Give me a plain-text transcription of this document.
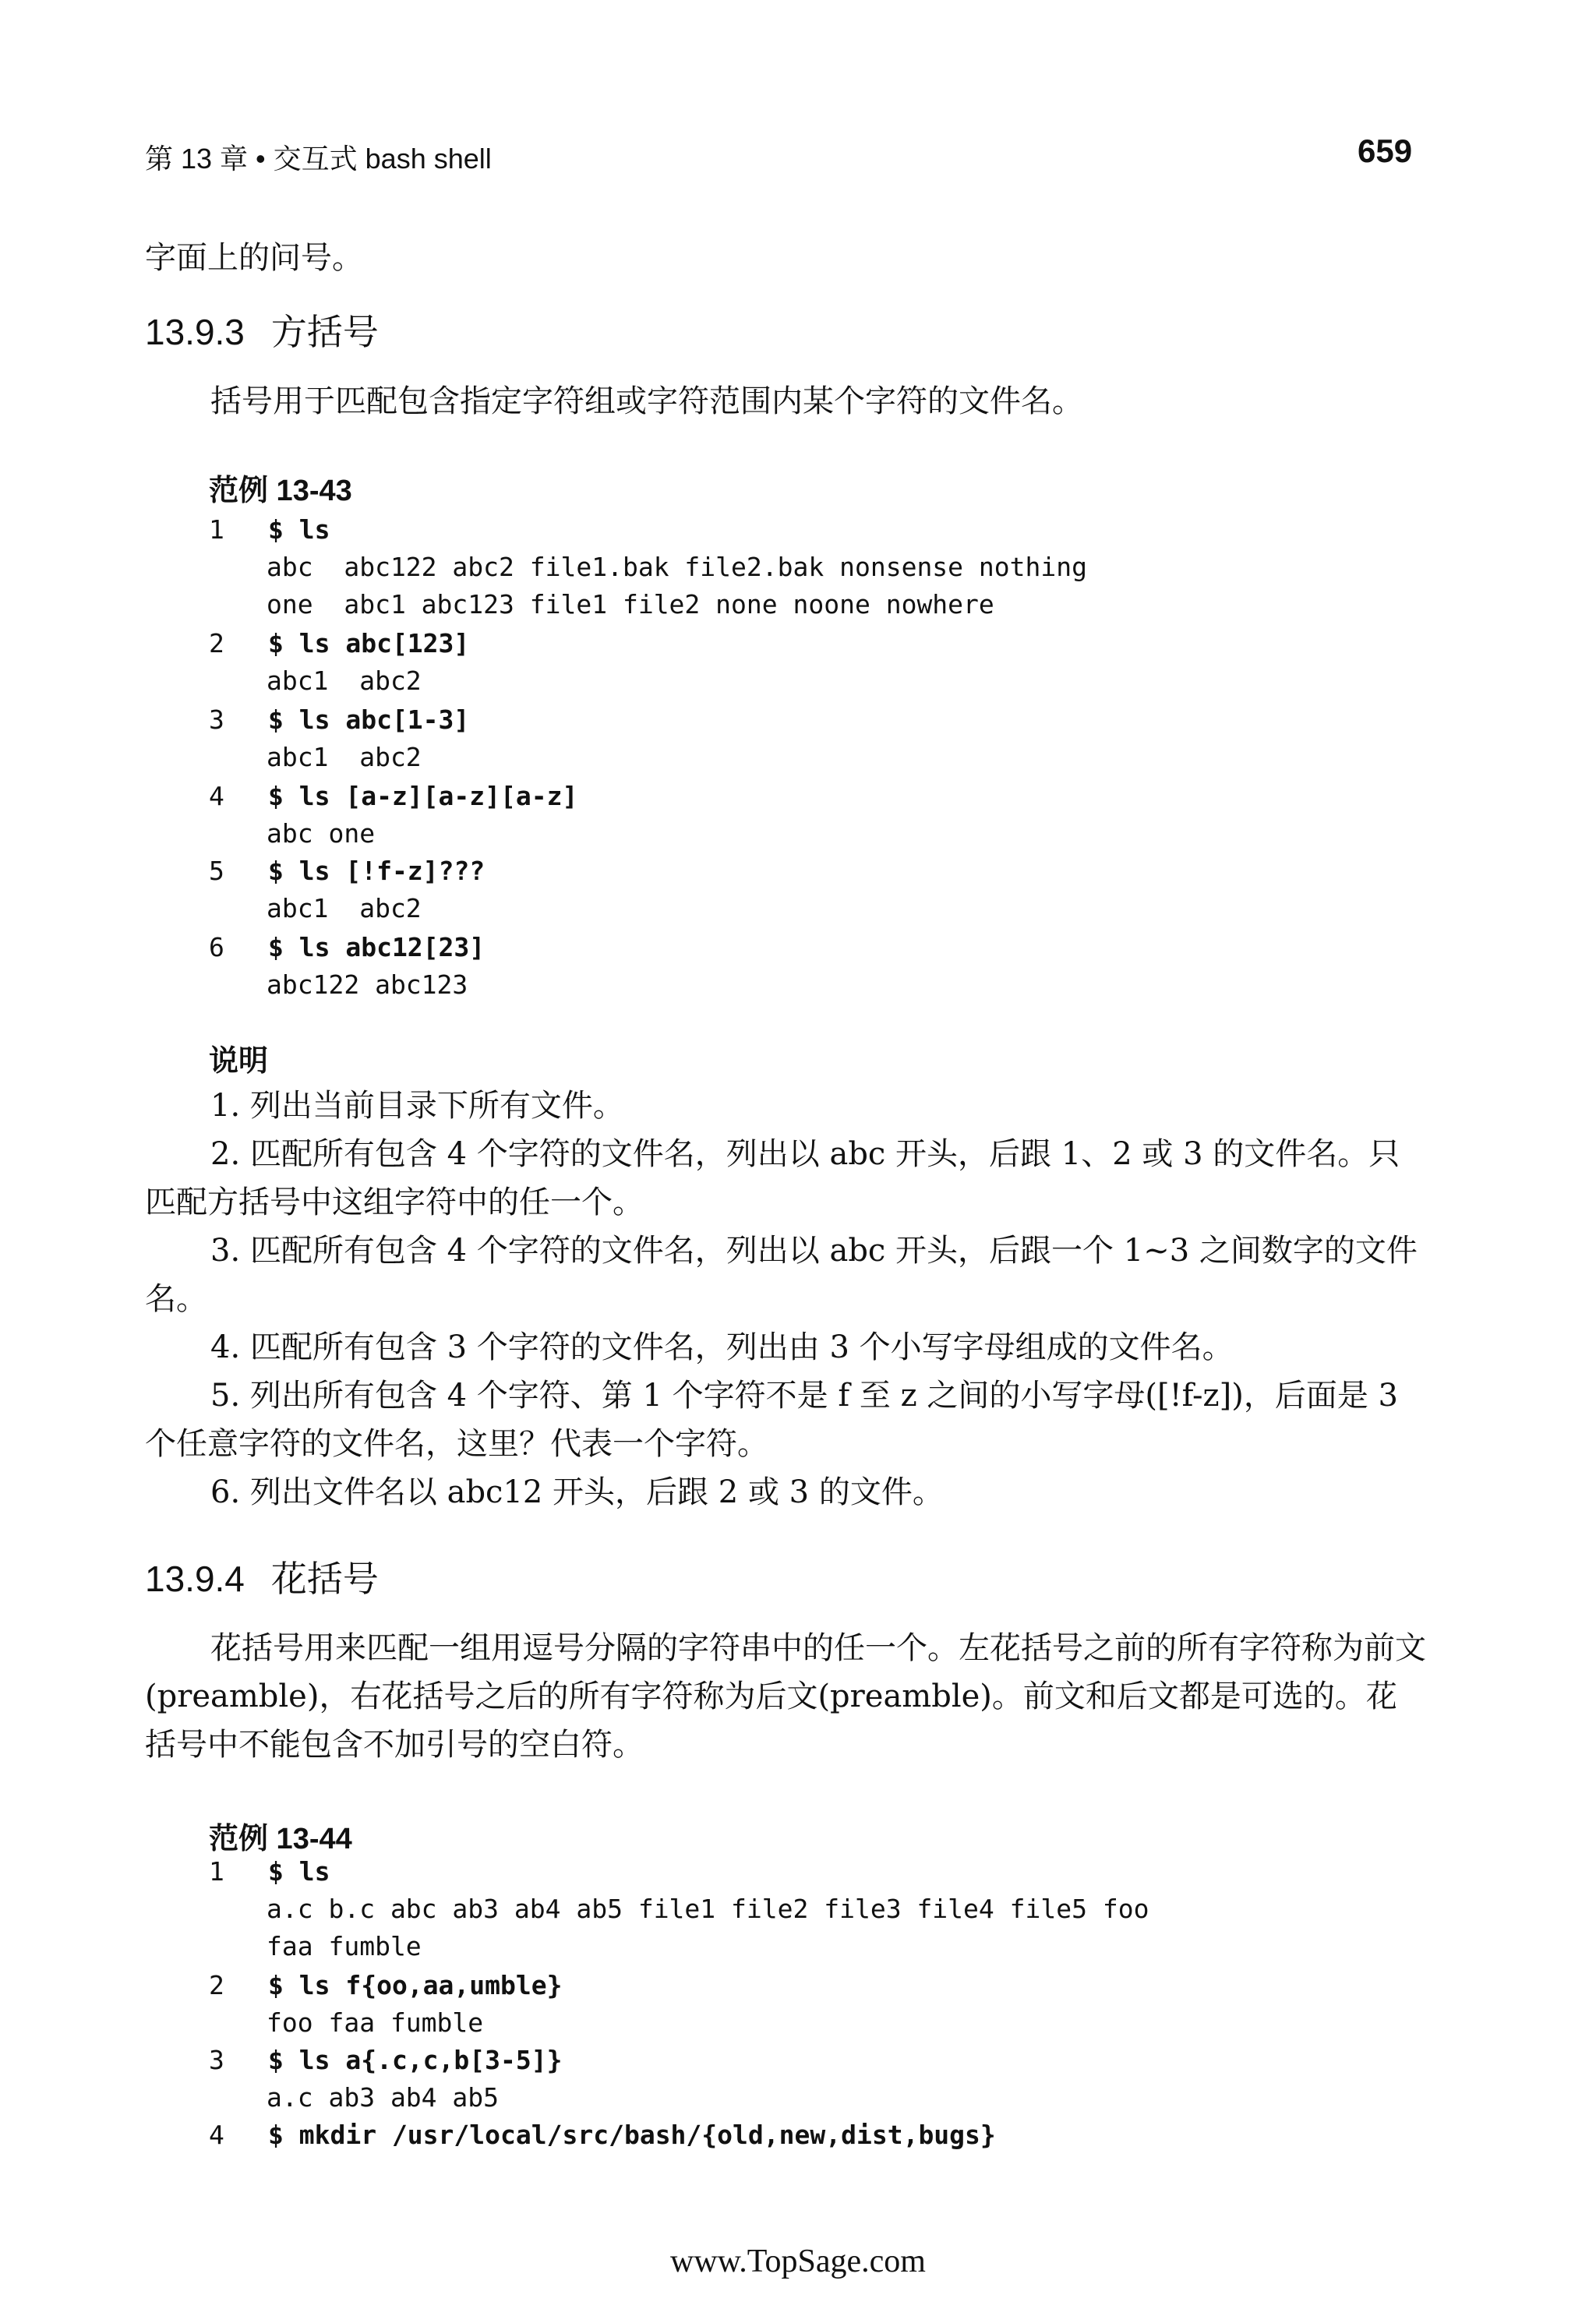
第 13 章 • 交互式 bash shell	659
字面上的问号。
13.9.3 方括号
括号用于匹配包含指定字符组或字符范围内某个字符的文件名。
范例 13-43
1 $ ls
abc  abc122 abc2 file1.bak file2.bak nonsense nothing
one  abc1 abc123 file1 file2 none noone nowhere
2 $ ls abc[123]
abc1  abc2
3 $ ls abc[1-3]
abc1  abc2
4 $ ls [a-z][a-z][a-z]
abc one
5 $ ls [!f-z]???
abc1  abc2
6 $ ls abc12[23]
abc122 abc123
说明
1. 列出当前目录下所有文件。
2. 匹配所有包含 4 个字符的文件名，列出以 abc 开头，后跟 1、2 或 3 的文件名。只匹配方括号中这组字符中的任一个。
3. 匹配所有包含 4 个字符的文件名，列出以 abc 开头，后跟一个 1~3 之间数字的文件名。
4. 匹配所有包含 3 个字符的文件名，列出由 3 个小写字母组成的文件名。
5. 列出所有包含 4 个字符、第 1 个字符不是 f 至 z 之间的小写字母([!f-z])，后面是 3 个任意字符的文件名，这里？代表一个字符。
6. 列出文件名以 abc12 开头，后跟 2 或 3 的文件。
13.9.4 花括号
花括号用来匹配一组用逗号分隔的字符串中的任一个。左花括号之前的所有字符称为前文(preamble)，右花括号之后的所有字符称为后文(preamble)。前文和后文都是可选的。花括号中不能包含不加引号的空白符。
范例 13-44
1 $ ls
a.c b.c abc ab3 ab4 ab5 file1 file2 file3 file4 file5 foo
faa fumble
2 $ ls f{oo,aa,umble}
foo faa fumble
3 $ ls a{.c,c,b[3-5]}
a.c ab3 ab4 ab5
4 $ mkdir /usr/local/src/bash/{old,new,dist,bugs}
www.TopSage.com
